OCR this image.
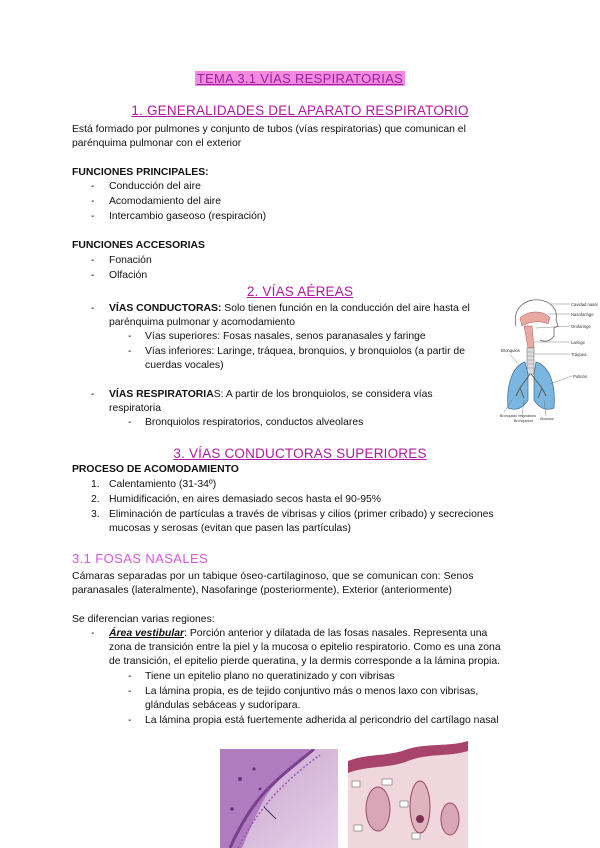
TEMA 3.1 VÍAS RESPIRATORIAS
1. GENERALIDADES DEL APARATO RESPIRATORIO
Está formado por pulmones y conjunto de tubos (vías respiratorias) que comunican el
parénquima pulmonar con el exterior
FUNCIONES PRINCIPALES:
- Conducción del aire
- Acomodamiento del aire
- Intercambio gaseoso (respiración)
FUNCIONES ACCESORIAS
- Fonación
- Olfación
2. VÍAS AÉREAS
- VÍAS CONDUCTORAS: Solo tienen función en la conducción del aire hasta el
parénquima pulmonar y acomodamiento
- Vías superiores: Fosas nasales, senos paranasales y faringe
- Vías inferiores: Laringe, tráquea, bronquios, y bronquiolos (a partir de
cuerdas vocales)
- VÍAS RESPIRATORIAS: A partir de los bronquiolos, se considera vías
respiratoria
- Bronquiolos respiratorios, conductos alveolares
Cavidad nasal
Nasofaringe
Orofaringe
Laringe
Tráquea
Pulmón
Bronquios
Bronquiolo respiratorio
Bronquiolos Alvéolos
3. VÍAS CONDUCTORAS SUPERIORES
PROCESO DE ACOMODAMIENTO
1. Calentamiento (31-34º)
2. Humidificación, en aires demasiado secos hasta el 90-95%
3. Eliminación de partículas a través de vibrisas y cilios (primer cribado) y secreciones
mucosas y serosas (evitan que pasen las partículas)
3.1 FOSAS NASALES
Cámaras separadas por un tabique óseo-cartilaginoso, que se comunican con: Senos
paranasales (lateralmente), Nasofaringe (posteriormente), Exterior (anteriormente)
Se diferencian varias regiones:
- Área vestibular: Porción anterior y dilatada de las fosas nasales. Representa una
zona de transición entre la piel y la mucosa o epitelio respiratorio. Como es una zona
de transición, el epitelio pierde queratina, y la dermis corresponde a la lámina propia.
- Tiene un epitelio plano no queratinizado y con vibrisas
- La lámina propia, es de tejido conjuntivo más o menos laxo con vibrisas,
glándulas sebáceas y sudorípara.
- La lámina propia está fuertemente adherida al pericondrio del cartílago nasal
